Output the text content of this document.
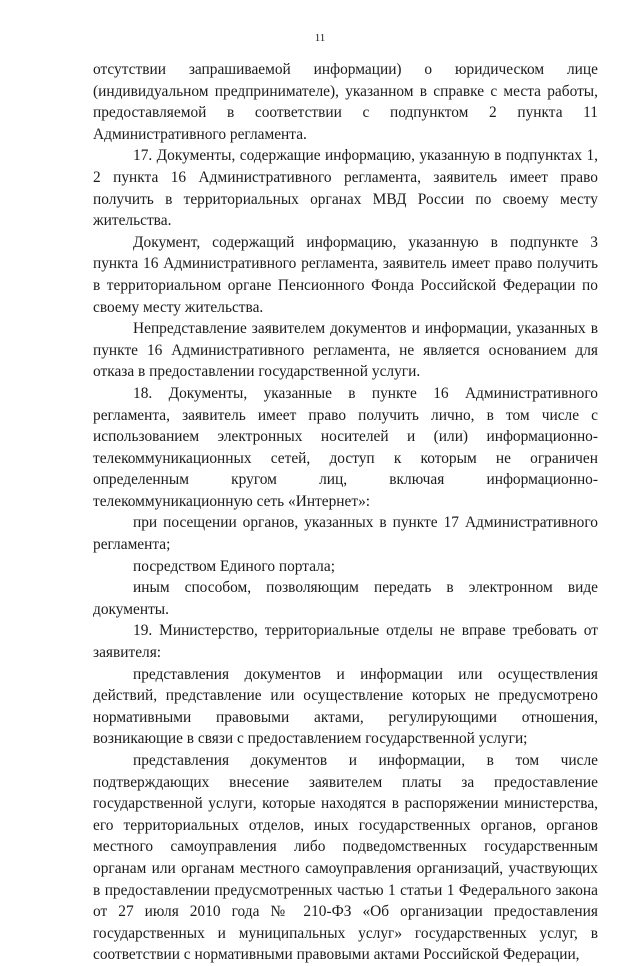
11

отсутствии запрашиваемой информации) о юридическом лице (индивидуальном предпринимателе), указанном в справке с места работы, предоставляемой в соответствии с подпунктом 2 пункта 11 Административного регламента.

17. Документы, содержащие информацию, указанную в подпунктах 1, 2 пункта 16 Административного регламента, заявитель имеет право получить в территориальных органах МВД России по своему месту жительства.

Документ, содержащий информацию, указанную в подпункте 3 пункта 16 Административного регламента, заявитель имеет право получить в территориальном органе Пенсионного Фонда Российской Федерации по своему месту жительства.

Непредставление заявителем документов и информации, указанных в пункте 16 Административного регламента, не является основанием для отказа в предоставлении государственной услуги.

18. Документы, указанные в пункте 16 Административного регламента, заявитель имеет право получить лично, в том числе с использованием электронных носителей и (или) информационно-телекоммуникационных сетей, доступ к которым не ограничен определенным кругом лиц, включая информационно-телекоммуникационную сеть «Интернет»:

при посещении органов, указанных в пункте 17 Административного регламента;

посредством Единого портала;

иным способом, позволяющим передать в электронном виде документы.

19. Министерство, территориальные отделы не вправе требовать от заявителя:

представления документов и информации или осуществления действий, представление или осуществление которых не предусмотрено нормативными правовыми актами, регулирующими отношения, возникающие в связи с предоставлением государственной услуги;

представления документов и информации, в том числе подтверждающих внесение заявителем платы за предоставление государственной услуги, которые находятся в распоряжении министерства, его территориальных отделов, иных государственных органов, органов местного самоуправления либо подведомственных государственным органам или органам местного самоуправления организаций, участвующих в предоставлении предусмотренных частью 1 статьи 1 Федерального закона от 27 июля 2010 года № 210-ФЗ «Об организации предоставления государственных и муниципальных услуг» государственных услуг, в соответствии с нормативными правовыми актами Российской Федерации,
